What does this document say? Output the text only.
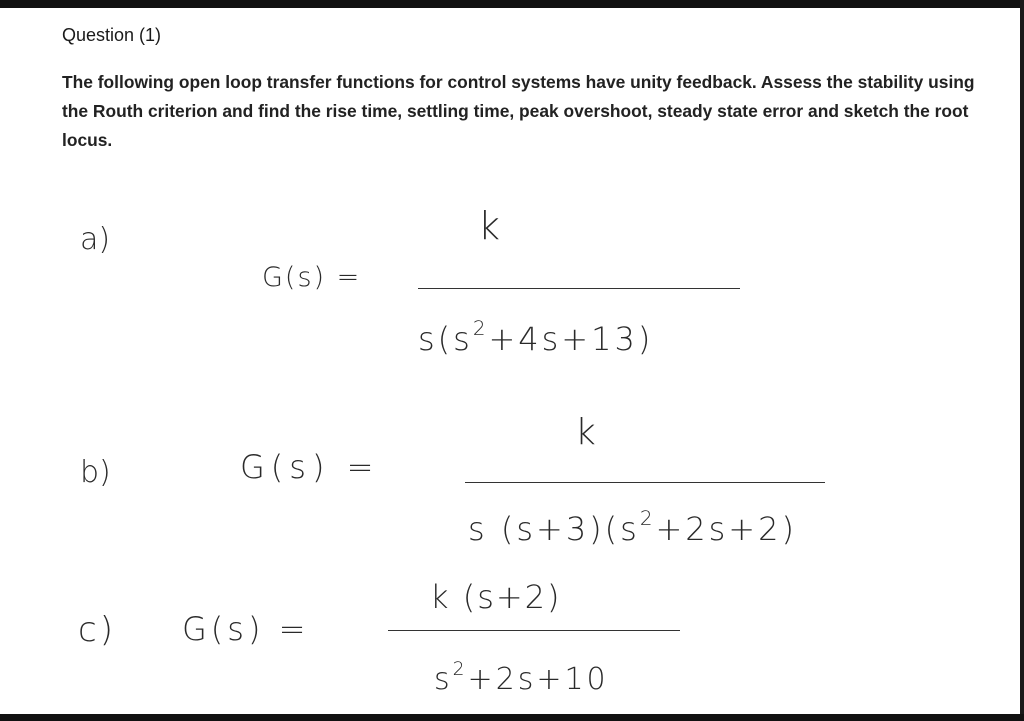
Question (1)
The following open loop transfer functions for control systems have unity feedback. Assess the stability using the Routh criterion and find the rise time, settling time, peak overshoot, steady state error and sketch the root locus.
a)
G(s) =
k
$s(s^2+4s+13)$
b)	G(s) =
k
s $(s+3)(s^2+2s+2)$
c) G(s) =
k (s+2)
$s^2+2s+10$
